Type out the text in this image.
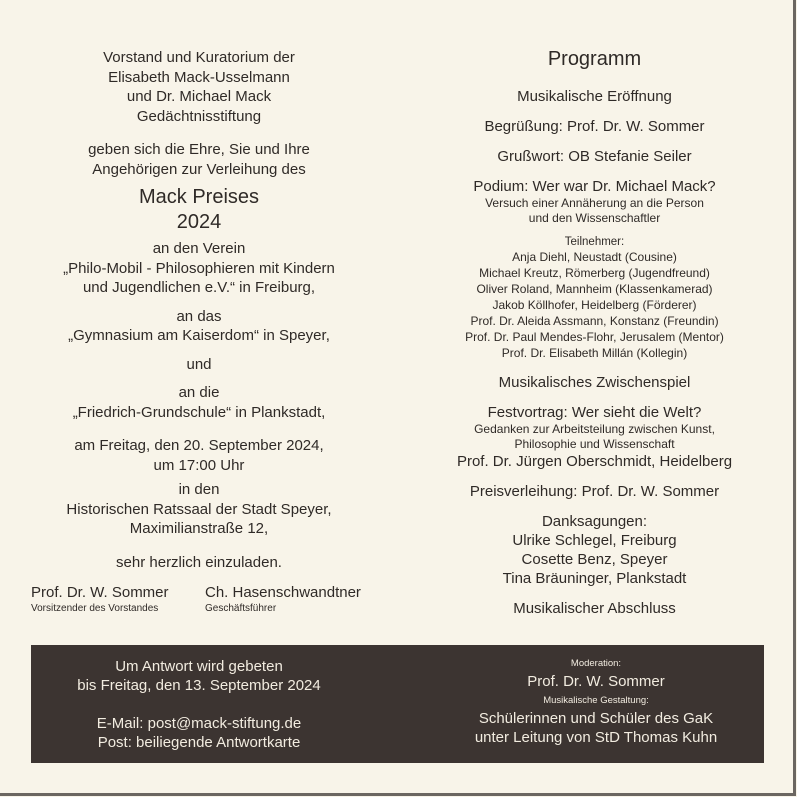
Vorstand und Kuratorium der
Elisabeth Mack-Usselmann
und Dr. Michael Mack
Gedächtnisstiftung
geben sich die Ehre, Sie und Ihre
Angehörigen zur Verleihung des
Mack Preises
2024
an den Verein
„Philo-Mobil - Philosophieren mit Kindern
und Jugendlichen e.V.“ in Freiburg,
an das
„Gymnasium am Kaiserdom“ in Speyer,
und
an die
„Friedrich-Grundschule“ in Plankstadt,
am Freitag, den 20. September 2024,
um 17:00 Uhr
in den
Historischen Ratssaal der Stadt Speyer,
Maximilianstraße 12,
sehr herzlich einzuladen.
Prof. Dr. W. Sommer
Vorsitzender des Vorstandes
Ch. Hasenschwandtner
Geschäftsführer
Programm
Musikalische Eröffnung
Begrüßung: Prof. Dr. W. Sommer
Grußwort: OB Stefanie Seiler
Podium: Wer war Dr. Michael Mack?
Versuch einer Annäherung an die Person
und den Wissenschaftler
Teilnehmer:
Anja Diehl, Neustadt (Cousine)
Michael Kreutz, Römerberg (Jugendfreund)
Oliver Roland, Mannheim (Klassenkamerad)
Jakob Köllhofer, Heidelberg (Förderer)
Prof. Dr. Aleida Assmann, Konstanz (Freundin)
Prof. Dr. Paul Mendes-Flohr, Jerusalem (Mentor)
Prof. Dr. Elisabeth Millán (Kollegin)
Musikalisches Zwischenspiel
Festvortrag: Wer sieht die Welt?
Gedanken zur Arbeitsteilung zwischen Kunst,
Philosophie und Wissenschaft
Prof. Dr. Jürgen Oberschmidt, Heidelberg
Preisverleihung: Prof. Dr. W. Sommer
Danksagungen:
Ulrike Schlegel, Freiburg
Cosette Benz, Speyer
Tina Bräuninger, Plankstadt
Musikalischer Abschluss
Um Antwort wird gebeten
bis Freitag, den 13. September 2024
E-Mail: post@mack-stiftung.de
Post: beiliegende Antwortkarte
Moderation:
Prof. Dr. W. Sommer
Musikalische Gestaltung:
Schülerinnen und Schüler des GaK
unter Leitung von StD Thomas Kuhn
